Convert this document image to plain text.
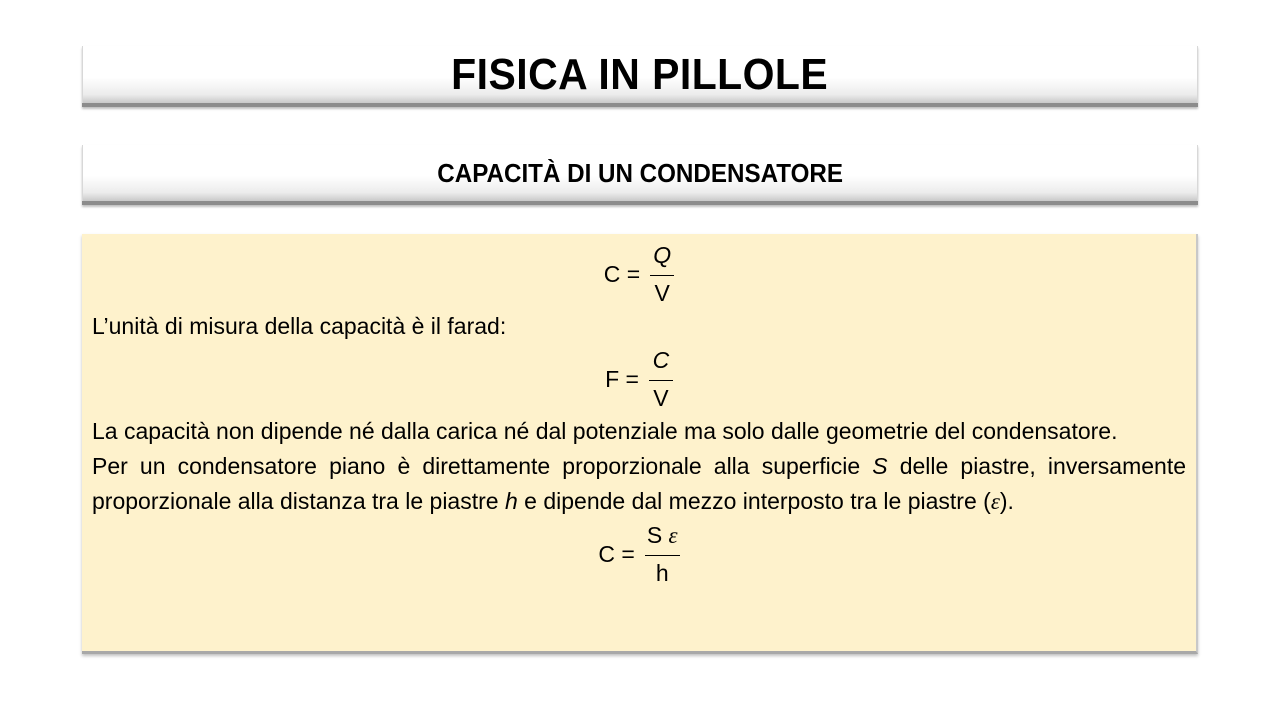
FISICA IN PILLOLE
CAPACITÀ DI UN CONDENSATORE
$C = \frac{Q}{V}$

L’unità di misura della capacità è il farad:

$F = \frac{C}{V}$

La capacità non dipende né dalla carica né dal potenziale ma solo dalle geometrie del condensatore.

Per un condensatore piano è direttamente proporzionale alla superficie S delle piastre, inversamente proporzionale alla distanza tra le piastre h e dipende dal mezzo interposto tra le piastre (ε).

$C = \frac{\text{S ε}}{h}$
